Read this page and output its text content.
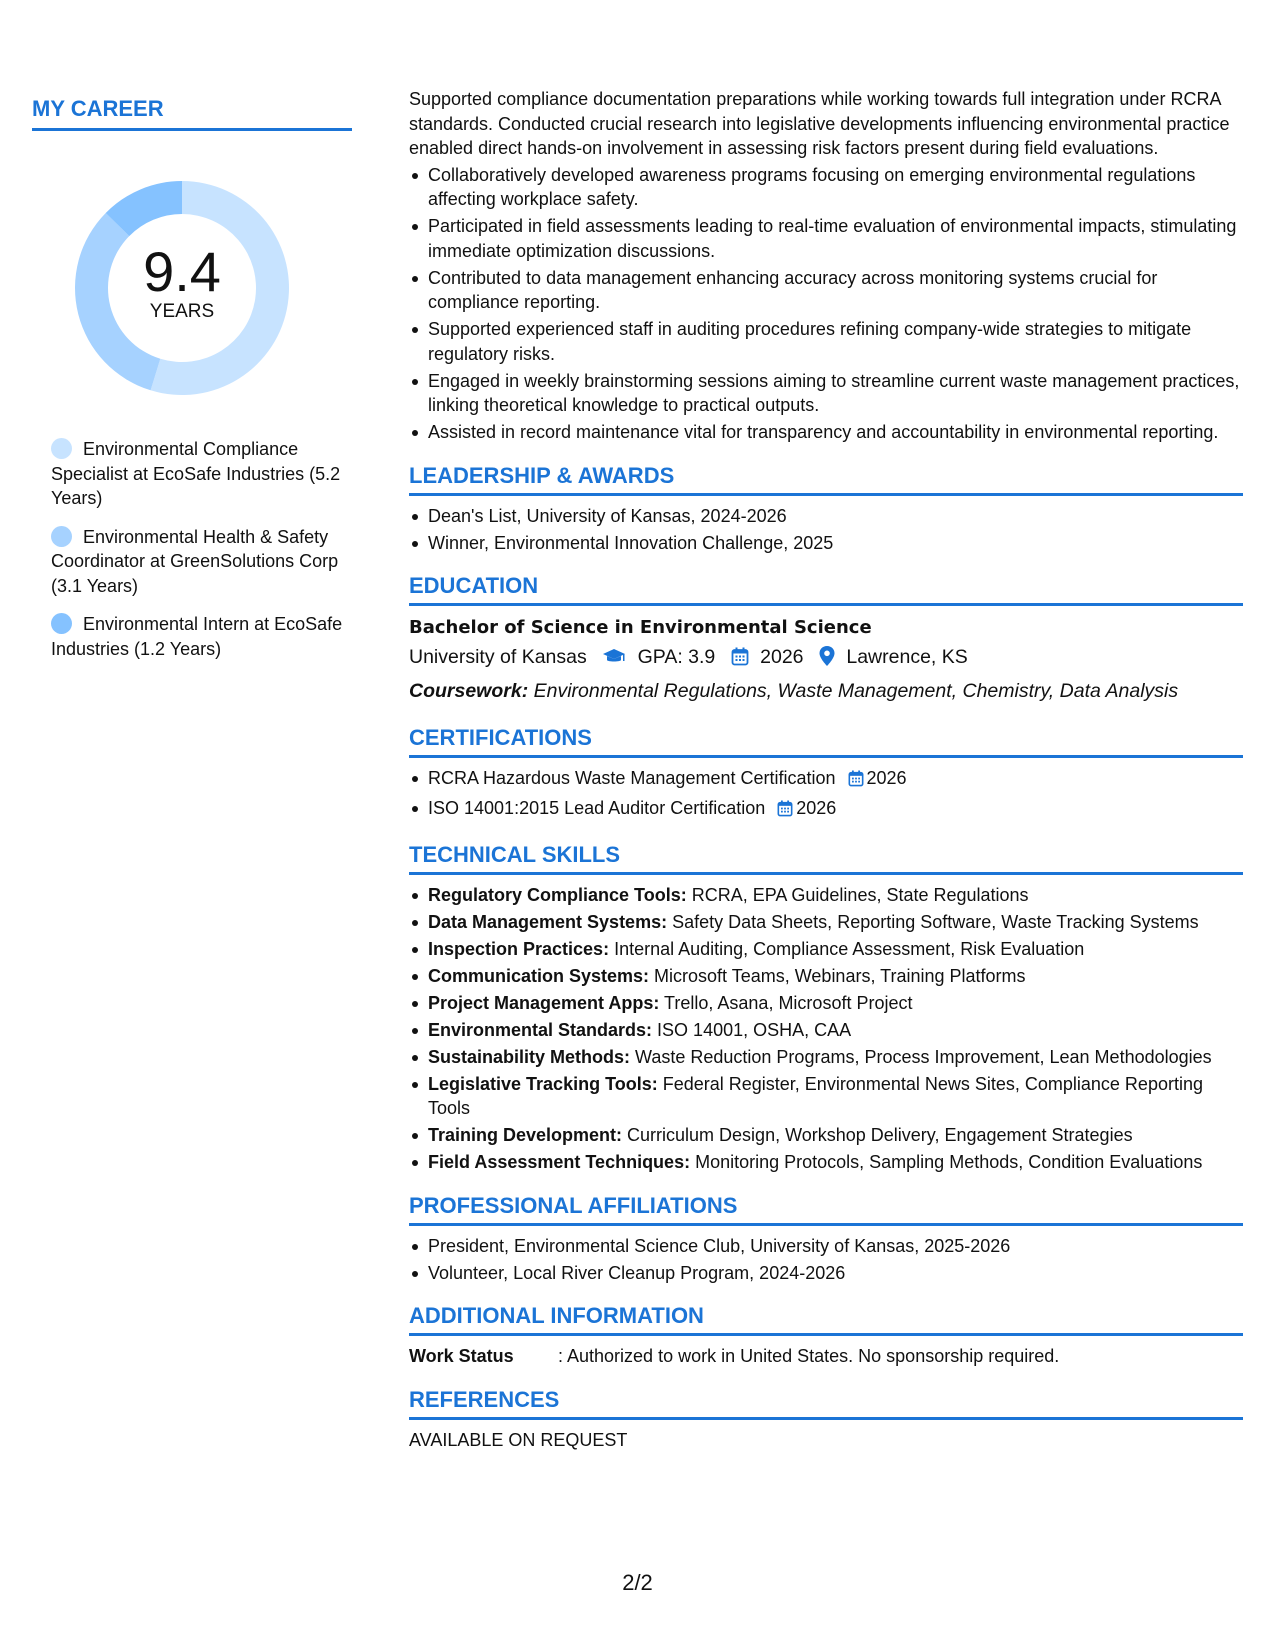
MY CAREER
9.4
YEARS
Environmental Compliance Specialist at EcoSafe Industries (5.2 Years)
Environmental Health & Safety Coordinator at GreenSolutions Corp (3.1 Years)
Environmental Intern at EcoSafe Industries (1.2 Years)

Supported compliance documentation preparations while working towards full integration under RCRA standards. Conducted crucial research into legislative developments influencing environmental practice enabled direct hands-on involvement in assessing risk factors present during field evaluations.

Collaboratively developed awareness programs focusing on emerging environmental regulations affecting workplace safety.
Participated in field assessments leading to real-time evaluation of environmental impacts, stimulating immediate optimization discussions.
Contributed to data management enhancing accuracy across monitoring systems crucial for compliance reporting.
Supported experienced staff in auditing procedures refining company-wide strategies to mitigate regulatory risks.
Engaged in weekly brainstorming sessions aiming to streamline current waste management practices, linking theoretical knowledge to practical outputs.
Assisted in record maintenance vital for transparency and accountability in environmental reporting.
LEADERSHIP & AWARDS
Dean's List, University of Kansas, 2024-2026
Winner, Environmental Innovation Challenge, 2025
EDUCATION
Bachelor of Science in Environmental Science
University of Kansas	GPA: 3.9 2026 Lawrence, KS
Coursework: Environmental Regulations, Waste Management, Chemistry, Data Analysis
CERTIFICATIONS
RCRA Hazardous Waste Management Certification 2026
ISO 14001:2015 Lead Auditor Certification 2026
TECHNICAL SKILLS
Regulatory Compliance Tools: RCRA, EPA Guidelines, State Regulations
Data Management Systems: Safety Data Sheets, Reporting Software, Waste Tracking Systems
Inspection Practices: Internal Auditing, Compliance Assessment, Risk Evaluation
Communication Systems: Microsoft Teams, Webinars, Training Platforms
Project Management Apps: Trello, Asana, Microsoft Project
Environmental Standards: ISO 14001, OSHA, CAA
Sustainability Methods: Waste Reduction Programs, Process Improvement, Lean Methodologies
Legislative Tracking Tools: Federal Register, Environmental News Sites, Compliance Reporting Tools
Training Development: Curriculum Design, Workshop Delivery, Engagement Strategies
Field Assessment Techniques: Monitoring Protocols, Sampling Methods, Condition Evaluations
PROFESSIONAL AFFILIATIONS
President, Environmental Science Club, University of Kansas, 2025-2026
Volunteer, Local River Cleanup Program, 2024-2026
ADDITIONAL INFORMATION
Work Status	: Authorized to work in United States. No sponsorship required.
REFERENCES
AVAILABLE ON REQUEST
2/2
